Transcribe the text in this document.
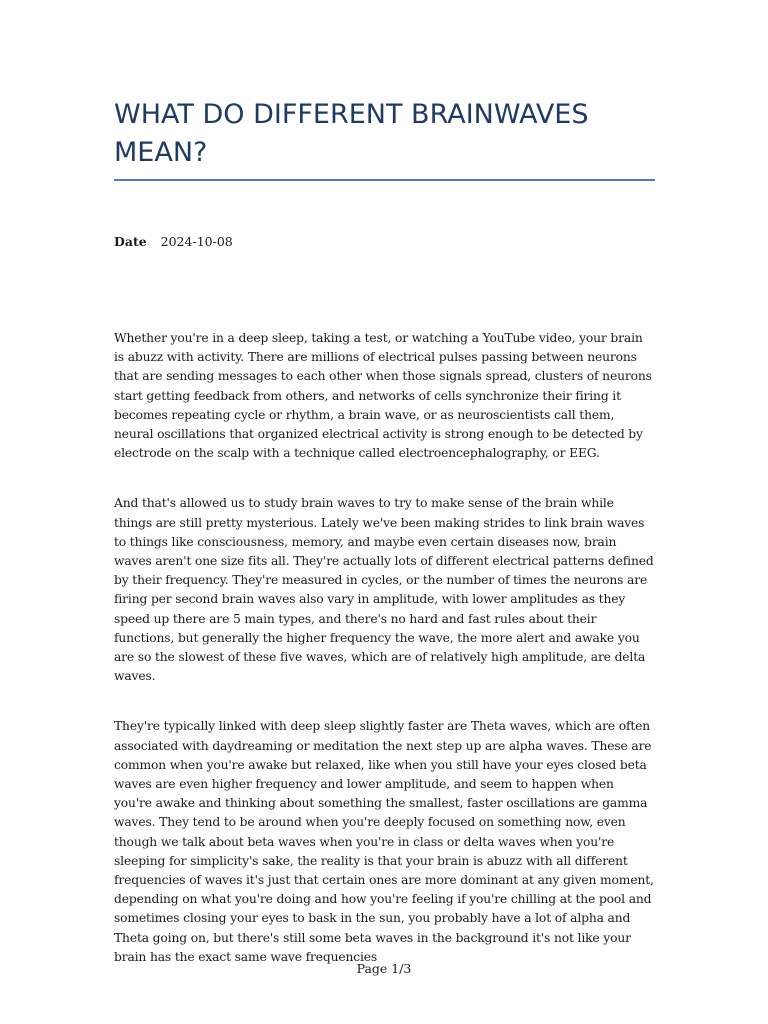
WHAT DO DIFFERENT BRAINWAVES MEAN?
Date 2024-10-08

Whether you're in a deep sleep, taking a test, or watching a YouTube video, your brain is abuzz with activity. There are millions of electrical pulses passing between neurons that are sending messages to each other when those signals spread, clusters of neurons start getting feedback from others, and networks of cells synchronize their firing it becomes repeating cycle or rhythm, a brain wave, or as neuroscientists call them, neural oscillations that organized electrical activity is strong enough to be detected by electrode on the scalp with a technique called electroencephalography, or EEG.

And that's allowed us to study brain waves to try to make sense of the brain while things are still pretty mysterious. Lately we've been making strides to link brain waves to things like consciousness, memory, and maybe even certain diseases now, brain waves aren't one size fits all. They're actually lots of different electrical patterns defined by their frequency. They're measured in cycles, or the number of times the neurons are firing per second brain waves also vary in amplitude, with lower amplitudes as they speed up there are 5 main types, and there's no hard and fast rules about their functions, but generally the higher frequency the wave, the more alert and awake you are so the slowest of these five waves, which are of relatively high amplitude, are delta waves.

They're typically linked with deep sleep slightly faster are Theta waves, which are often associated with daydreaming or meditation the next step up are alpha waves. These are common when you're awake but relaxed, like when you still have your eyes closed beta waves are even higher frequency and lower amplitude, and seem to happen when you're awake and thinking about something the smallest, faster oscillations are gamma waves. They tend to be around when you're deeply focused on something now, even though we talk about beta waves when you're in class or delta waves when you're sleeping for simplicity's sake, the reality is that your brain is abuzz with all different frequencies of waves it's just that certain ones are more dominant at any given moment, depending on what you're doing and how you're feeling if you're chilling at the pool and sometimes closing your eyes to bask in the sun, you probably have a lot of alpha and Theta going on, but there's still some beta waves in the background it's not like your brain has the exact same wave frequencies

Page 1/3
